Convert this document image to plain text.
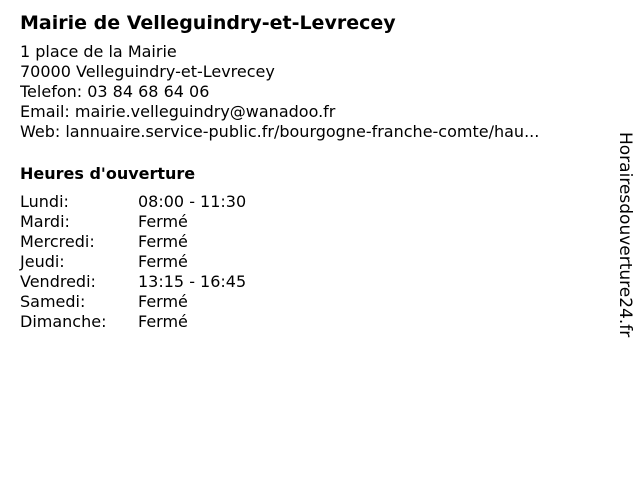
Mairie de Velleguindry-et-Levrecey
1 place de la Mairie
70000 Velleguindry-et-Levrecey
Telefon: 03 84 68 64 06
Email: mairie.velleguindry@wanadoo.fr
Web: lannuaire.service-public.fr/bourgogne-franche-comte/hau...
Heures d'ouverture
Lundi:	08:00 - 11:30
Mardi:	Fermé
Mercredi:	Fermé
Jeudi:	Fermé
Vendredi:	13:15 - 16:45
Samedi:	Fermé
Dimanche:	Fermé	Horairesdouverture24.fr
